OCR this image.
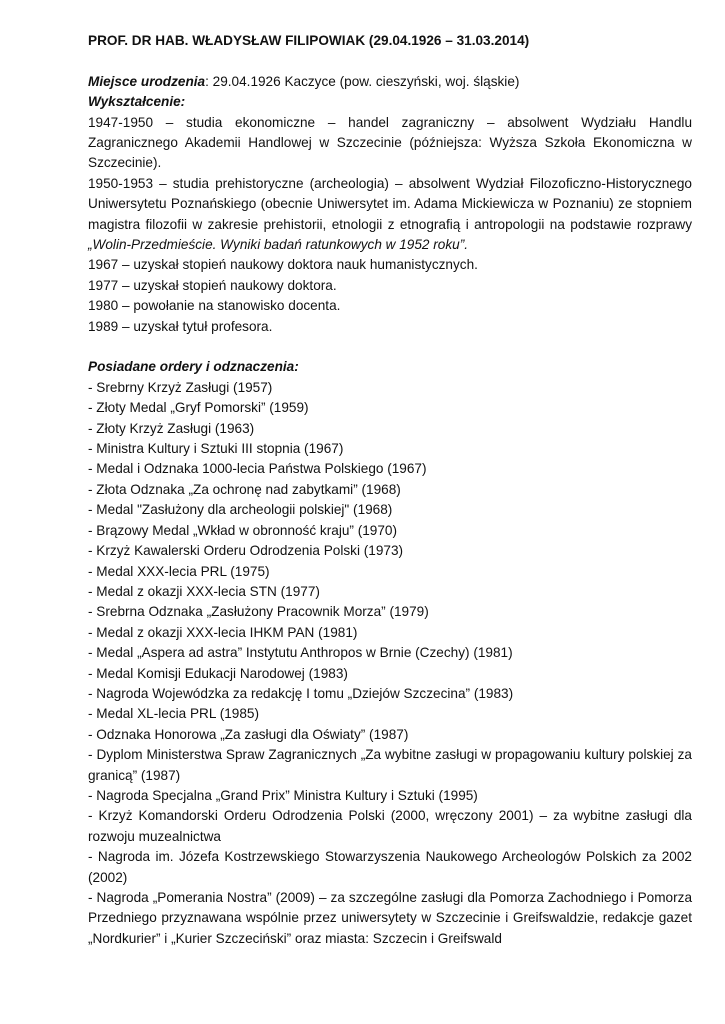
PROF. DR HAB. WŁADYSŁAW FILIPOWIAK (29.04.1926 – 31.03.2014)

Miejsce urodzenia: 29.04.1926 Kaczyce (pow. cieszyński, woj. śląskie)

Wykształcenie:

1947-1950 – studia ekonomiczne – handel zagraniczny – absolwent Wydziału Handlu Zagranicznego Akademii Handlowej w Szczecinie (późniejsza: Wyższa Szkoła Ekonomiczna w Szczecinie).

1950-1953 – studia prehistoryczne (archeologia) – absolwent Wydział Filozoficzno-Historycznego Uniwersytetu Poznańskiego (obecnie Uniwersytet im. Adama Mickiewicza w Poznaniu) ze stopniem magistra filozofii w zakresie prehistorii, etnologii z etnografią i antropologii na podstawie rozprawy „Wolin-Przedmieście. Wyniki badań ratunkowych w 1952 roku”.

1967 – uzyskał stopień naukowy doktora nauk humanistycznych.

1977 – uzyskał stopień naukowy doktora.

1980 – powołanie na stanowisko docenta.

1989 – uzyskał tytuł profesora.

Posiadane ordery i odznaczenia:

- Srebrny Krzyż Zasługi (1957)
- Złoty Medal „Gryf Pomorski” (1959)
- Złoty Krzyż Zasługi (1963)
- Ministra Kultury i Sztuki III stopnia (1967)
- Medal i Odznaka 1000-lecia Państwa Polskiego (1967)
- Złota Odznaka „Za ochronę nad zabytkami” (1968)
- Medal "Zasłużony dla archeologii polskiej" (1968)
- Brązowy Medal „Wkład w obronność kraju” (1970)
- Krzyż Kawalerski Orderu Odrodzenia Polski (1973)
- Medal XXX-lecia PRL (1975)
- Medal z okazji XXX-lecia STN (1977)
- Srebrna Odznaka „Zasłużony Pracownik Morza” (1979)
- Medal z okazji XXX-lecia IHKM PAN (1981)
- Medal „Aspera ad astra” Instytutu Anthropos w Brnie (Czechy) (1981)
- Medal Komisji Edukacji Narodowej (1983)
- Nagroda Wojewódzka za redakcję I tomu „Dziejów Szczecina” (1983)
- Medal XL-lecia PRL (1985)
- Odznaka Honorowa „Za zasługi dla Oświaty” (1987)
- Dyplom Ministerstwa Spraw Zagranicznych „Za wybitne zasługi w propagowaniu kultury polskiej za granicą” (1987)
- Nagroda Specjalna „Grand Prix” Ministra Kultury i Sztuki (1995)
- Krzyż Komandorski Orderu Odrodzenia Polski (2000, wręczony 2001) – za wybitne zasługi dla rozwoju muzealnictwa
- Nagroda im. Józefa Kostrzewskiego Stowarzyszenia Naukowego Archeologów Polskich za 2002 (2002)
- Nagroda „Pomerania Nostra” (2009) – za szczególne zasługi dla Pomorza Zachodniego i Pomorza Przedniego przyznawana wspólnie przez uniwersytety w Szczecinie i Greifswaldzie, redakcje gazet „Nordkurier” i „Kurier Szczeciński” oraz miasta: Szczecin i Greifswald
